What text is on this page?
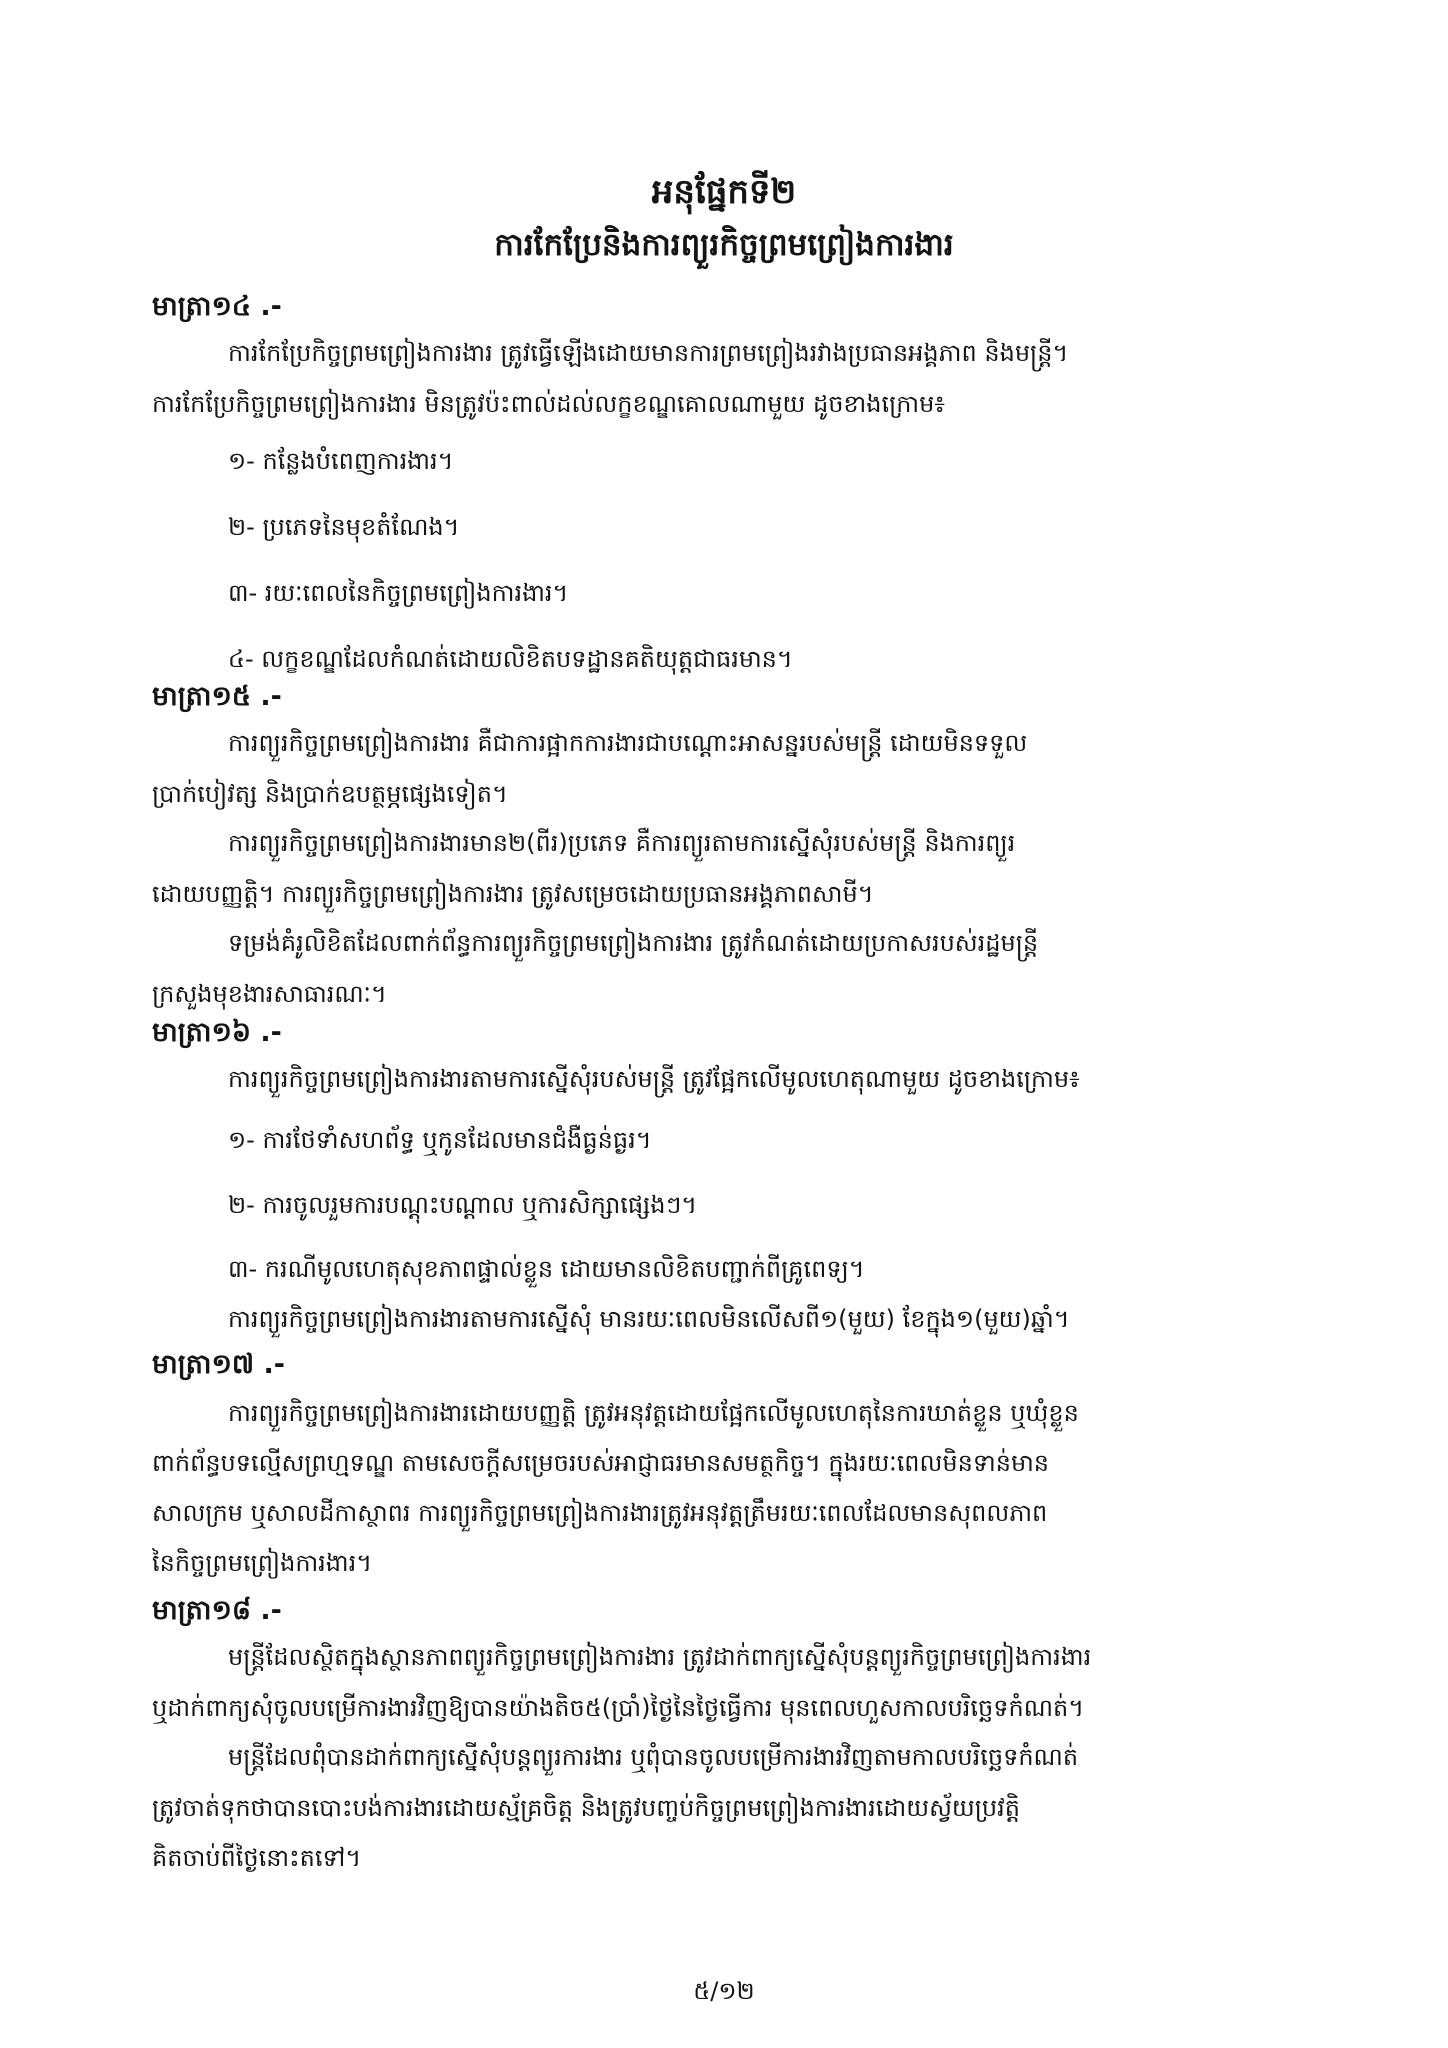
អនុផ្នែកទី២
ការកែប្រែនិងការព្យួរកិច្ចព្រមព្រៀងការងារ
មាត្រា១៤ .-
ការកែប្រែកិច្ចព្រមព្រៀងការងារ ត្រូវធ្វើឡើងដោយមានការព្រមព្រៀងរវាងប្រធានអង្គភាព និងមន្ត្រី។
ការកែប្រែកិច្ចព្រមព្រៀងការងារ មិនត្រូវប៉ះពាល់ដល់លក្ខខណ្ឌគោលណាមួយ ដូចខាងក្រោម៖
១- កន្លែងបំពេញការងារ។
២- ប្រភេទនៃមុខតំណែង។
៣- រយៈពេលនៃកិច្ចព្រមព្រៀងការងារ។
៤- លក្ខខណ្ឌដែលកំណត់ដោយលិខិតបទដ្ឋានគតិយុត្តជាធរមាន។
មាត្រា១៥ .-
ការព្យួរកិច្ចព្រមព្រៀងការងារ គឺជាការផ្អាកការងារជាបណ្តោះអាសន្នរបស់មន្ត្រី ដោយមិនទទួល
ប្រាក់បៀវត្ស និងប្រាក់ឧបត្ថម្ភផ្សេងទៀត។
ការព្យួរកិច្ចព្រមព្រៀងការងារមាន២(ពីរ)ប្រភេទ គឺការព្យួរតាមការស្នើសុំរបស់មន្ត្រី និងការព្យួរ
ដោយបញ្ញត្តិ។ ការព្យួរកិច្ចព្រមព្រៀងការងារ ត្រូវសម្រេចដោយប្រធានអង្គភាពសាមី។
ទម្រង់គំរូលិខិតដែលពាក់ព័ន្ធការព្យួរកិច្ចព្រមព្រៀងការងារ ត្រូវកំណត់ដោយប្រកាសរបស់រដ្ឋមន្ត្រី
ក្រសួងមុខងារសាធារណៈ។
មាត្រា១៦ .-
ការព្យួរកិច្ចព្រមព្រៀងការងារតាមការស្នើសុំរបស់មន្ត្រី ត្រូវផ្អែកលើមូលហេតុណាមួយ ដូចខាងក្រោម៖
១- ការថែទាំសហព័ទ្ធ ឬកូនដែលមានជំងឺធ្ងន់ធ្ងរ។
២- ការចូលរួមការបណ្តុះបណ្តាល ឬការសិក្សាផ្សេងៗ។
៣- ករណីមូលហេតុសុខភាពផ្ទាល់ខ្លួន ដោយមានលិខិតបញ្ជាក់ពីគ្រូពេទ្យ។
ការព្យួរកិច្ចព្រមព្រៀងការងារតាមការស្នើសុំ មានរយៈពេលមិនលើសពី១(មួយ) ខែក្នុង១(មួយ)ឆ្នាំ។
មាត្រា១៧ .-
ការព្យួរកិច្ចព្រមព្រៀងការងារដោយបញ្ញត្តិ ត្រូវអនុវត្តដោយផ្អែកលើមូលហេតុនៃការឃាត់ខ្លួន ឬឃុំខ្លួន
ពាក់ព័ន្ធបទល្មើសព្រហ្មទណ្ឌ តាមសេចក្តីសម្រេចរបស់អាជ្ញាធរមានសមត្ថកិច្ច។ ក្នុងរយៈពេលមិនទាន់មាន
សាលក្រម ឬសាលដីកាស្ថាពរ ការព្យួរកិច្ចព្រមព្រៀងការងារត្រូវអនុវត្តត្រឹមរយៈពេលដែលមានសុពលភាព
នៃកិច្ចព្រមព្រៀងការងារ។
មាត្រា១៨ .-
មន្ត្រីដែលស្ថិតក្នុងស្ថានភាពព្យួរកិច្ចព្រមព្រៀងការងារ ត្រូវដាក់ពាក្យស្នើសុំបន្តព្យួរកិច្ចព្រមព្រៀងការងារ
ឬដាក់ពាក្យសុំចូលបម្រើការងារវិញឱ្យបានយ៉ាងតិច៥(ប្រាំ)ថ្ងៃនៃថ្ងៃធ្វើការ មុនពេលហួសកាលបរិច្ឆេទកំណត់។
មន្ត្រីដែលពុំបានដាក់ពាក្យស្នើសុំបន្តព្យួរការងារ ឬពុំបានចូលបម្រើការងារវិញតាមកាលបរិច្ឆេទកំណត់
ត្រូវចាត់ទុកថាបានបោះបង់ការងារដោយស្ម័គ្រចិត្ត និងត្រូវបញ្ចប់កិច្ចព្រមព្រៀងការងារដោយស្វ័យប្រវត្តិ
គិតចាប់ពីថ្ងៃនោះតទៅ។
៥/១២
